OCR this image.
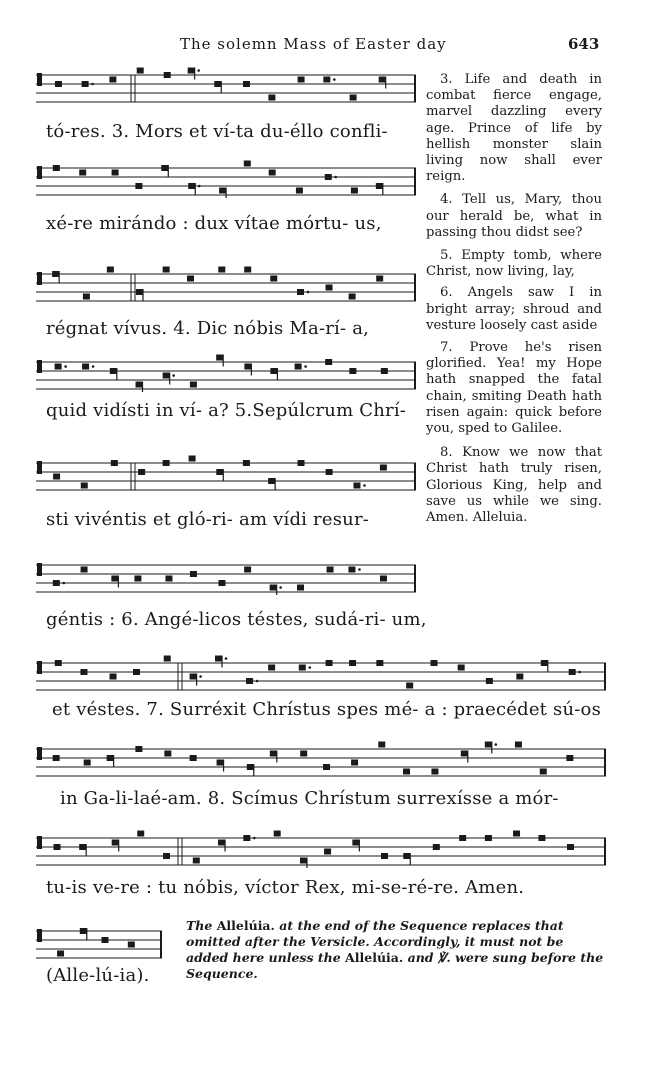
The solemn Mass of Easter day	643
tó-res. 3. Mors et ví-ta du-éllo confli-
xé-re mirándo : dux vítae mórtu- us,
régnat vívus. 4. Dic nóbis Ma-rí- a,
quid vidísti in ví- a? 5.Sepúlcrum Chrí-
sti vivéntis et gló-ri- am vídi resur-
géntis : 6. Angé-licos téstes, sudá-ri- um,
et véstes. 7. Surréxit Chrístus spes mé- a : praecédet sú-os
in Ga-li-laé-am. 8. Scímus Chrístum surrexísse a mór-
tu-is ve-re : tu nóbis, víctor Rex, mi-se-ré-re. Amen.
(Alle-lú-ia).

3. Life and death in combat fierce engage, marvel dazzling every age. Prince of life by hellish monster slain living now shall ever reign.

4. Tell us, Mary, thou our herald be, what in passing thou didst see?

5. Empty tomb, where Christ, now living, lay,

6. Angels saw I in bright array; shroud and vesture loosely cast aside

7. Prove he's risen glorified. Yea! my Hope hath snapped the fatal chain, smiting Death hath risen again: quick before you, sped to Galilee.

8. Know we now that Christ hath truly risen, Glorious King, help and save us while we sing. Amen. Alleluia.

The Allelúia. at the end of the Sequence replaces that omitted after the Versicle. Accordingly, it must not be added here unless the Allelúia. and ℣. were sung before the Sequence.
